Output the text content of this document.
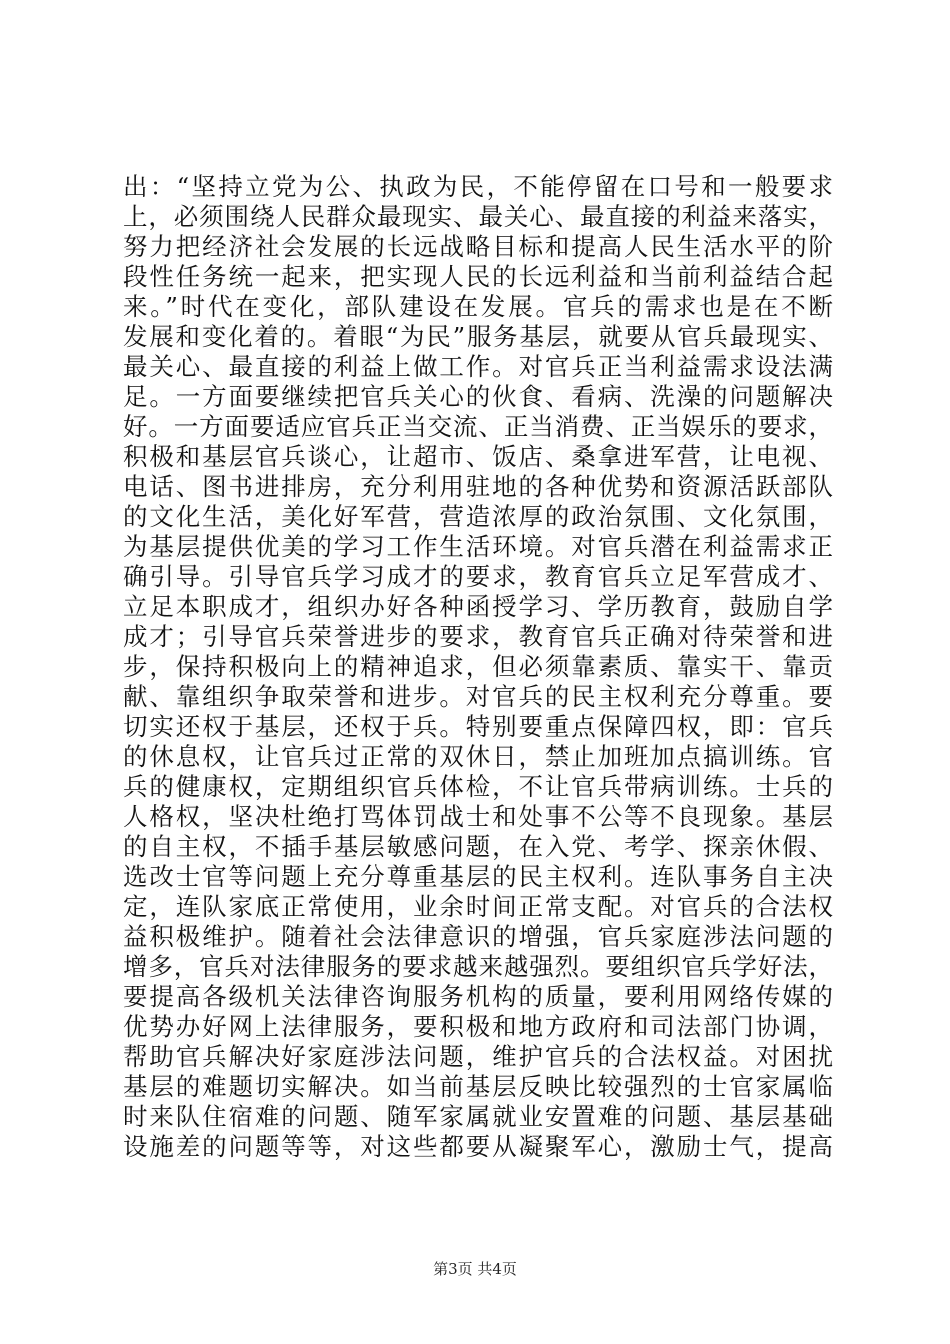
出：“坚持立党为公、执政为民，不能停留在口号和一般要求
上，必须围绕人民群众最现实、最关心、最直接的利益来落实，
努力把经济社会发展的长远战略目标和提高人民生活水平的阶
段性任务统一起来，把实现人民的长远利益和当前利益结合起
来。”时代在变化，部队建设在发展。官兵的需求也是在不断
发展和变化着的。着眼“为民”服务基层，就要从官兵最现实、
最关心、最直接的利益上做工作。对官兵正当利益需求设法满
足。一方面要继续把官兵关心的伙食、看病、洗澡的问题解决
好。一方面要适应官兵正当交流、正当消费、正当娱乐的要求，
积极和基层官兵谈心，让超市、饭店、桑拿进军营，让电视、
电话、图书进排房，充分利用驻地的各种优势和资源活跃部队
的文化生活，美化好军营，营造浓厚的政治氛围、文化氛围，
为基层提供优美的学习工作生活环境。对官兵潜在利益需求正
确引导。引导官兵学习成才的要求，教育官兵立足军营成才、
立足本职成才，组织办好各种函授学习、学历教育，鼓励自学
成才；引导官兵荣誉进步的要求，教育官兵正确对待荣誉和进
步，保持积极向上的精神追求，但必须靠素质、靠实干、靠贡
献、靠组织争取荣誉和进步。对官兵的民主权利充分尊重。要
切实还权于基层，还权于兵。特别要重点保障四权，即：官兵
的休息权，让官兵过正常的双休日，禁止加班加点搞训练。官
兵的健康权，定期组织官兵体检，不让官兵带病训练。士兵的
人格权，坚决杜绝打骂体罚战士和处事不公等不良现象。基层
的自主权，不插手基层敏感问题，在入党、考学、探亲休假、
选改士官等问题上充分尊重基层的民主权利。连队事务自主决
定，连队家底正常使用，业余时间正常支配。对官兵的合法权
益积极维护。随着社会法律意识的增强，官兵家庭涉法问题的
增多，官兵对法律服务的要求越来越强烈。要组织官兵学好法，
要提高各级机关法律咨询服务机构的质量，要利用网络传媒的
优势办好网上法律服务，要积极和地方政府和司法部门协调，
帮助官兵解决好家庭涉法问题，维护官兵的合法权益。对困扰
基层的难题切实解决。如当前基层反映比较强烈的士官家属临
时来队住宿难的问题、随军家属就业安置难的问题、基层基础
设施差的问题等等，对这些都要从凝聚军心，激励士气，提高
第3页 共4页
